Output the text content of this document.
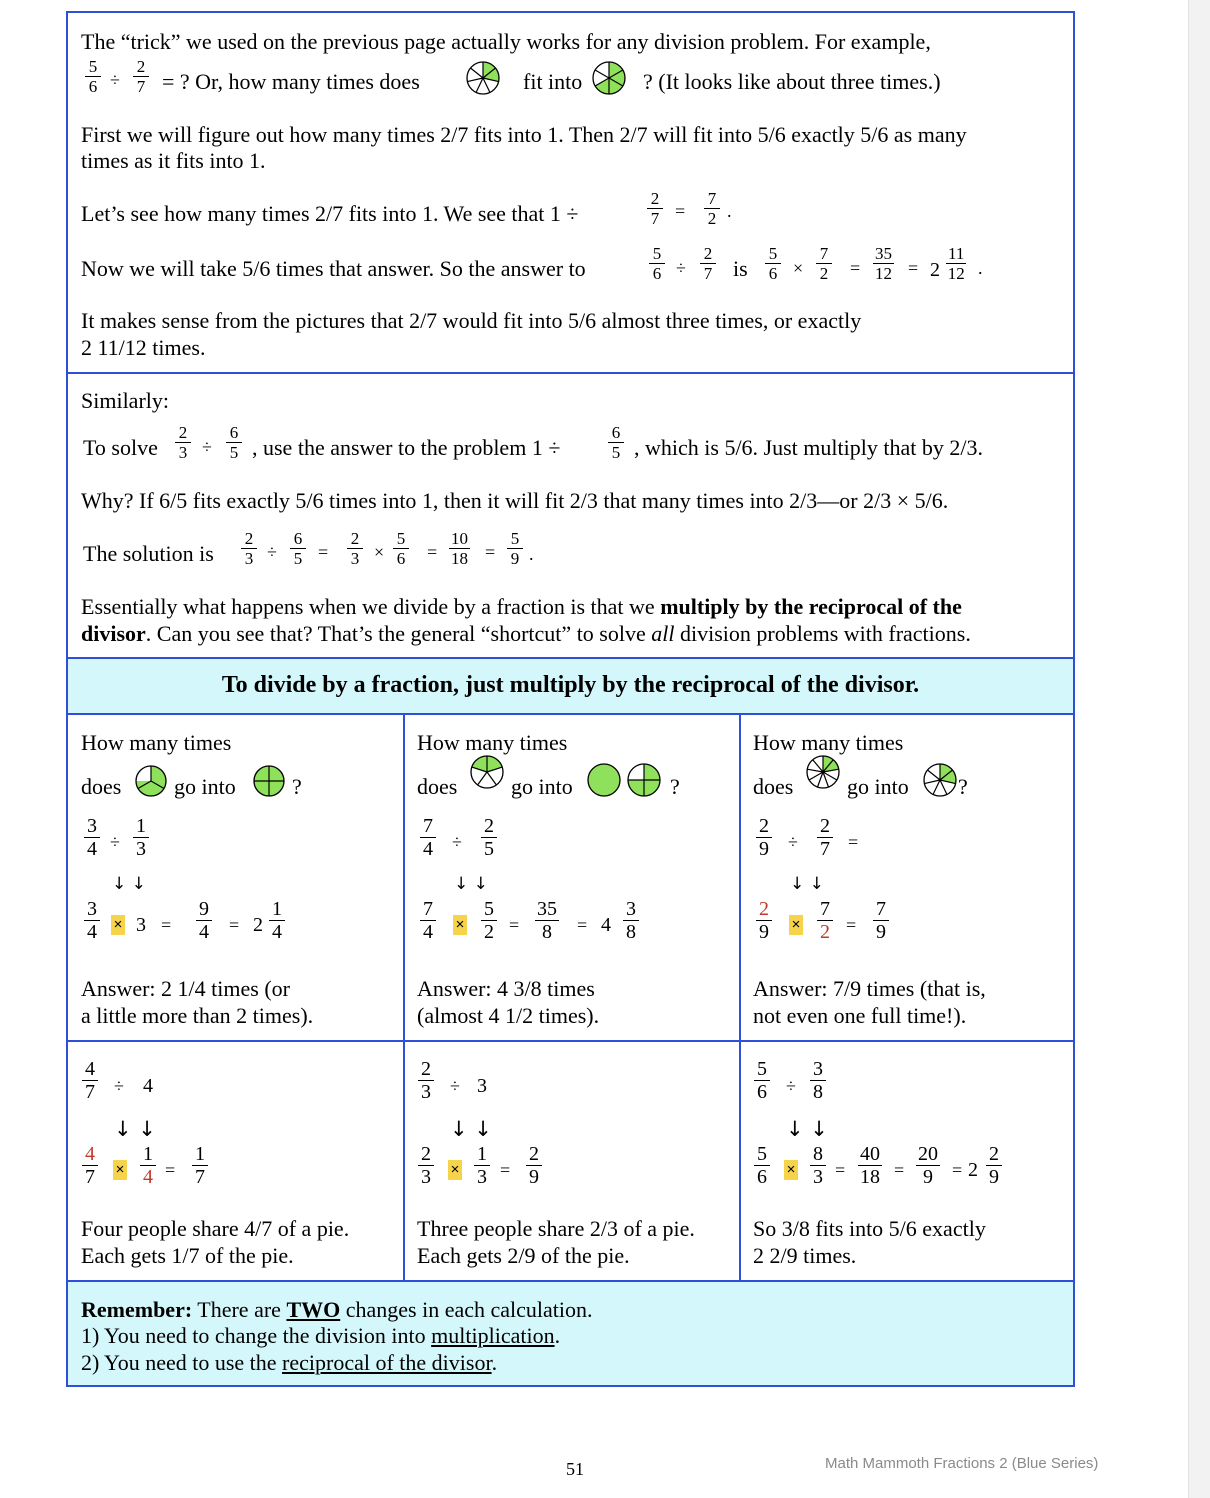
The “trick” we used on the previous page actually works for any division problem. For example,
$\frac{5}{6} \div \frac{2}{7}$ = ? Or, how many times does	fit into	? (It looks like about three times.)
First we will figure out how many times 2/7 fits into 1. Then 2/7 will fit into 5/6 exactly 5/6 as many
times as it fits into 1.
Let’s see how many times 2/7 fits into 1. We see that 1 ÷	$\frac{2}{7} = \frac{7}{2}$ .
Now we will take 5/6 times that answer. So the answer to	$\frac{5}{6} \div \frac{2}{7}$ is $\frac{5}{6} \times \frac{7}{2} = \frac{35}{12} = 2 \frac{11}{12}$ .
It makes sense from the pictures that 2/7 would fit into 5/6 almost three times, or exactly
2 11/12 times.
Similarly:
To solve $\frac{2}{3} \div \frac{6}{5}$ , use the answer to the problem 1 ÷	$\frac{6}{5}$ , which is 5/6. Just multiply that by 2/3.
Why? If 6/5 fits exactly 5/6 times into 1, then it will fit 2/3 that many times into 2/3—or 2/3 × 5/6.
The solution is $\frac{2}{3} \div \frac{6}{5} = \frac{2}{3} \times \frac{5}{6} = \frac{10}{18} = \frac{5}{9}$ .
Essentially what happens when we divide by a fraction is that we multiply by the reciprocal of the
divisor. Can you see that? That’s the general “shortcut” to solve all division problems with fractions.
To divide by a fraction, just multiply by the reciprocal of the divisor.
How many times
does go into	?
$\frac{3}{4} \div \frac{1}{3}$
↓ ↓
$\frac{3}{4} \times 3 = \frac{9}{4} = 2 \frac{1}{4}$
Answer: 2 1/4 times (or
a little more than 2 times).
How many times
does go into	?
$\frac{7}{4} \div \frac{2}{5}$
↓ ↓
$\frac{7}{4} \times \frac{5}{2} = \frac{35}{8} = 4 \frac{3}{8}$
Answer: 4 3/8 times
(almost 4 1/2 times).
How many times
does go into ?
$\frac{2}{9} \div \frac{2}{7}$ =
↓ ↓
$\frac{2}{9} \times \frac{7}{2} = \frac{7}{9}$
Answer: 7/9 times (that is,
not even one full time!).
$\frac{4}{7} \div 4$
↓ ↓
$\frac{4}{7} \times \frac{1}{4} = \frac{1}{7}$
Four people share 4/7 of a pie.
Each gets 1/7 of the pie.
$\frac{2}{3} \div 3$
↓ ↓
$\frac{2}{3} \times \frac{1}{3} = \frac{2}{9}$
Three people share 2/3 of a pie.
Each gets 2/9 of the pie.
$\frac{5}{6} \div \frac{3}{8}$
↓ ↓
$\frac{5}{6} \times \frac{8}{3} = \frac{40}{18} = \frac{20}{9} = 2 \frac{2}{9}$
So 3/8 fits into 5/6 exactly
2 2/9 times.
Remember: There are TWO changes in each calculation.
1) You need to change the division into multiplication.
2) You need to use the reciprocal of the divisor.
51	Math Mammoth Fractions 2 (Blue Series)
